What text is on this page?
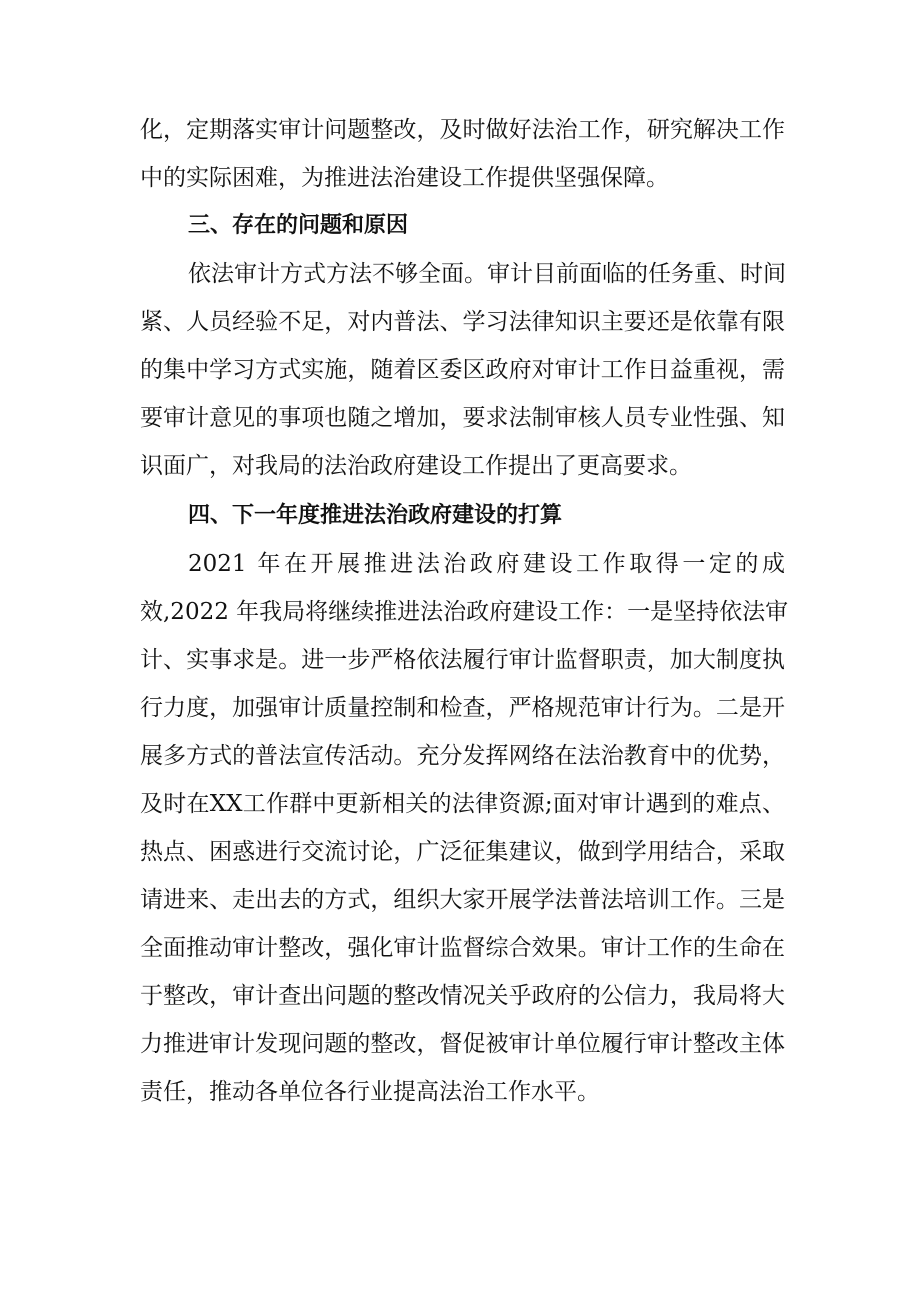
化，定期落实审计问题整改，及时做好法治工作，研究解决工作
中的实际困难，为推进法治建设工作提供坚强保障。
三、存在的问题和原因
依法审计方式方法不够全面。审计目前面临的任务重、时间
紧、人员经验不足，对内普法、学习法律知识主要还是依靠有限
的集中学习方式实施，随着区委区政府对审计工作日益重视，需
要审计意见的事项也随之增加，要求法制审核人员专业性强、知
识面广，对我局的法治政府建设工作提出了更高要求。
四、下一年度推进法治政府建设的打算
2021 年在开展推进法治政府建设工作取得一定的成
效,2022 年我局将继续推进法治政府建设工作：一是坚持依法审
计、实事求是。进一步严格依法履行审计监督职责，加大制度执
行力度，加强审计质量控制和检查，严格规范审计行为。二是开
展多方式的普法宣传活动。充分发挥网络在法治教育中的优势，
及时在XX工作群中更新相关的法律资源;面对审计遇到的难点、
热点、困惑进行交流讨论，广泛征集建议，做到学用结合，采取
请进来、走出去的方式，组织大家开展学法普法培训工作。三是
全面推动审计整改，强化审计监督综合效果。审计工作的生命在
于整改，审计查出问题的整改情况关乎政府的公信力，我局将大
力推进审计发现问题的整改，督促被审计单位履行审计整改主体
责任，推动各单位各行业提高法治工作水平。
